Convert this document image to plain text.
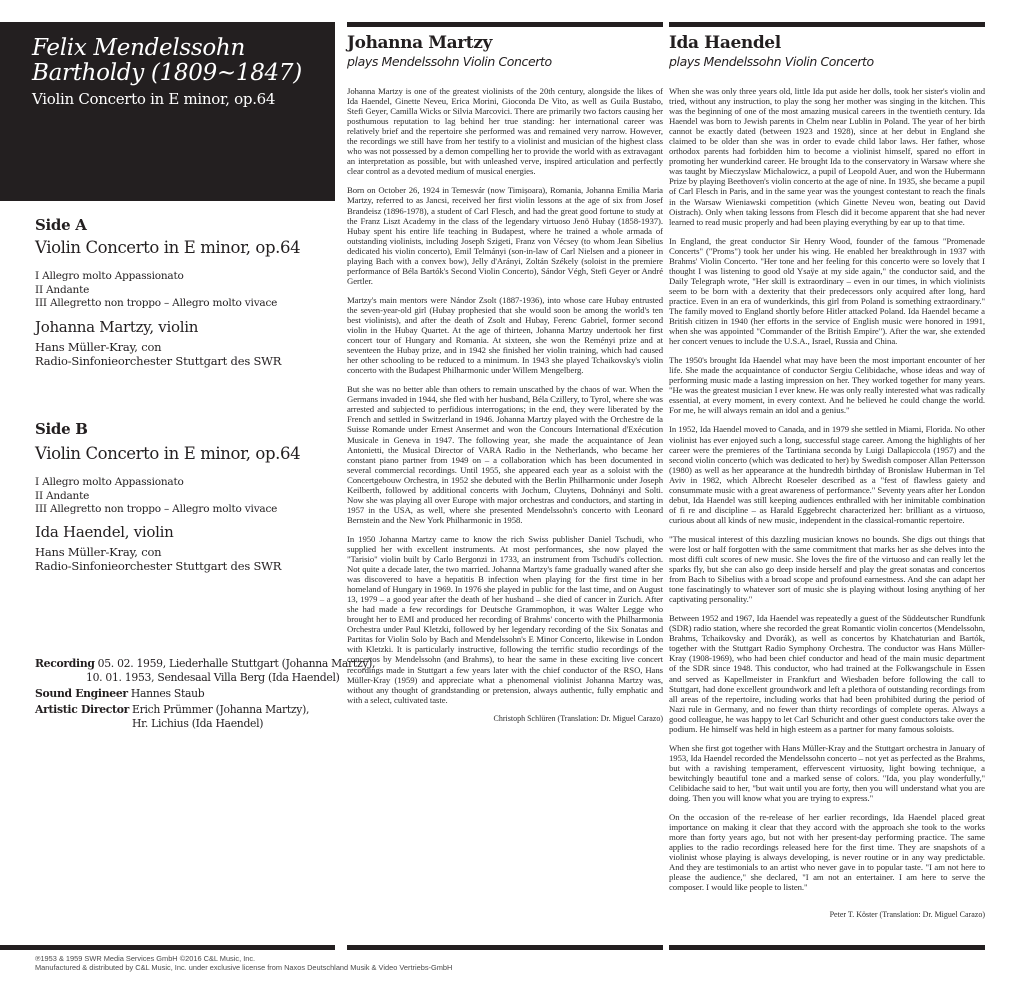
Felix Mendelssohn
Bartholdy (1809~1847)
Violin Concerto in E minor, op.64
Side A
Violin Concerto in E minor, op.64
I Allegro molto Appassionato
II Andante
III Allegretto non troppo – Allegro molto vivace
Johanna Martzy, violin
Hans Müller-Kray, con
Radio-Sinfonieorchester Stuttgart des SWR
Side B
Violin Concerto in E minor, op.64
I Allegro molto Appassionato
II Andante
III Allegretto non troppo – Allegro molto vivace
Ida Haendel, violin
Hans Müller-Kray, con
Radio-Sinfonieorchester Stuttgart des SWR
Recording 05. 02. 1959, Liederhalle Stuttgart (Johanna Martzy),
10. 01. 1953, Sendesaal Villa Berg (Ida Haendel)
Sound Engineer Hannes Staub
Artistic Director Erich Prümmer (Johanna Martzy),
Hr. Lichius (Ida Haendel)
Johanna Martzy
plays Mendelssohn Violin Concerto

Johanna Martzy is one of the greatest violinists of the 20th century, alongside the likes of Ida Haendel, Ginette Neveu, Erica Morini, Gioconda De Vito, as well as Guila Bustabo, Stefi Geyer, Camilla Wicks or Silvia Marcovici. There are primarily two factors causing her posthumous reputation to lag behind her true standing: her international career was relatively brief and the repertoire she performed was and remained very narrow. However, the recordings we still have from her testify to a violinist and musician of the highest class who was not possessed by a demon compelling her to provide the world with as extravagant an interpretation as possible, but with unleashed verve, inspired articulation and perfectly clear control as a devoted medium of musical energies.

Born on October 26, 1924 in Temesvár (now Timișoara), Romania, Johanna Emilia Maria Martzy, referred to as Jancsi, received her first violin lessons at the age of six from Josef Brandeisz (1896-1978), a student of Carl Flesch, and had the great good fortune to study at the Franz Liszt Academy in the class of the legendary virtuoso Jenö Hubay (1858-1937). Hubay spent his entire life teaching in Budapest, where he trained a whole armada of outstanding violinists, including Joseph Szigeti, Franz von Vécsey (to whom Jean Sibelius dedicated his violin concerto), Emil Telmányi (son-in-law of Carl Nielsen and a pioneer in playing Bach with a convex bow), Jelly d'Arányi, Zoltán Székely (soloist in the premiere performance of Béla Bartók's Second Violin Concerto), Sándor Végh, Stefi Geyer or André Gertler.

Martzy's main mentors were Nándor Zsolt (1887-1936), into whose care Hubay entrusted the seven-year-old girl (Hubay prophesied that she would soon be among the world's ten best violinists), and after the death of Zsolt and Hubay, Ferenc Gabriel, former second violin in the Hubay Quartet. At the age of thirteen, Johanna Martzy undertook her first concert tour of Hungary and Romania. At sixteen, she won the Reményi prize and at seventeen the Hubay prize, and in 1942 she finished her violin training, which had caused her other schooling to be reduced to a minimum. In 1943 she played Tchaikovsky's violin concerto with the Budapest Philharmonic under Willem Mengelberg.

But she was no better able than others to remain unscathed by the chaos of war. When the Germans invaded in 1944, she fled with her husband, Béla Czillery, to Tyrol, where she was arrested and subjected to perfidious interrogations; in the end, they were liberated by the French and settled in Switzerland in 1946. Johanna Martzy played with the Orchestre de la Suisse Romande under Ernest Ansermet and won the Concours International d'Exécution Musicale in Geneva in 1947. The following year, she made the acquaintance of Jean Antonietti, the Musical Director of VARA Radio in the Netherlands, who became her constant piano partner from 1949 on – a collaboration which has been documented in several commercial recordings. Until 1955, she appeared each year as a soloist with the Concertgebouw Orchestra, in 1952 she debuted with the Berlin Philharmonic under Joseph Keilberth, followed by additional concerts with Jochum, Cluytens, Dohnányi and Solti. Now she was playing all over Europe with major orchestras and conductors, and starting in 1957 in the USA, as well, where she presented Mendelssohn's concerto with Leonard Bernstein and the New York Philharmonic in 1958.

In 1950 Johanna Martzy came to know the rich Swiss publisher Daniel Tschudi, who supplied her with excellent instruments. At most performances, she now played the "Tarisio" violin built by Carlo Bergonzi in 1733, an instrument from Tschudi's collection. Not quite a decade later, the two married. Johanna Martzy's fame gradually waned after she was discovered to have a hepatitis B infection when playing for the first time in her homeland of Hungary in 1969. In 1976 she played in public for the last time, and on August 13, 1979 – a good year after the death of her husband – she died of cancer in Zurich. After she had made a few recordings for Deutsche Grammophon, it was Walter Legge who brought her to EMI and produced her recording of Brahms' concerto with the Philharmonia Orchestra under Paul Kletzki, followed by her legendary recording of the Six Sonatas and Partitas for Violin Solo by Bach and Mendelssohn's E Minor Concerto, likewise in London with Kletzki. It is particularly instructive, following the terrific studio recordings of the concertos by Mendelssohn (and Brahms), to hear the same in these exciting live concert recordings made in Stuttgart a few years later with the chief conductor of the RSO, Hans Müller-Kray (1959) and appreciate what a phenomenal violinist Johanna Martzy was, without any thought of grandstanding or pretension, always authentic, fully emphatic and with a select, cultivated taste.

Christoph Schlüren (Translation: Dr. Miguel Carazo)
Ida Haendel
plays Mendelssohn Violin Concerto

When she was only three years old, little Ida put aside her dolls, took her sister's violin and tried, without any instruction, to play the song her mother was singing in the kitchen. This was the beginning of one of the most amazing musical careers in the twentieth century. Ida Haendel was born to Jewish parents in Chelm near Lublin in Poland. The year of her birth cannot be exactly dated (between 1923 and 1928), since at her debut in England she claimed to be older than she was in order to evade child labor laws. Her father, whose orthodox parents had forbidden him to become a violinist himself, spared no effort in promoting her wunderkind career. He brought Ida to the conservatory in Warsaw where she was taught by Mieczyslaw Michalowicz, a pupil of Leopold Auer, and won the Hubermann Prize by playing Beethoven's violin concerto at the age of nine. In 1935, she became a pupil of Carl Flesch in Paris, and in the same year was the youngest contestant to reach the finals in the Warsaw Wieniawski competition (which Ginette Neveu won, beating out David Oistrach). Only when taking lessons from Flesch did it become apparent that she had never learned to read music properly and had been playing everything by ear up to that time.

In England, the great conductor Sir Henry Wood, founder of the famous "Promenade Concerts" ("Proms") took her under his wing. He enabled her breakthrough in 1937 with Brahms' Violin Concerto. "Her tone and her feeling for this concerto were so lovely that I thought I was listening to good old Ysaÿe at my side again," the conductor said, and the Daily Telegraph wrote, "Her skill is extraordinary – even in our times, in which violinists seem to be born with a dexterity that their predecessors only acquired after long, hard practice. Even in an era of wunderkinds, this girl from Poland is something extraordinary." The family moved to England shortly before Hitler attacked Poland. Ida Haendel became a British citizen in 1940 (her efforts in the service of English music were honored in 1991, when she was appointed "Commander of the British Empire"). After the war, she extended her concert venues to include the U.S.A., Israel, Russia and China.

The 1950's brought Ida Haendel what may have been the most important encounter of her life. She made the acquaintance of conductor Sergiu Celibidache, whose ideas and way of performing music made a lasting impression on her. They worked together for many years. "He was the greatest musician I ever knew. He was only really interested what was radically essential, at every moment, in every context. And he believed he could change the world. For me, he will always remain an idol and a genius."

In 1952, Ida Haendel moved to Canada, and in 1979 she settled in Miami, Florida. No other violinist has ever enjoyed such a long, successful stage career. Among the highlights of her career were the premieres of the Tartiniana seconda by Luigi Dallapiccola (1957) and the second violin concerto (which was dedicated to her) by Swedish composer Allan Pettersson (1980) as well as her appearance at the hundredth birthday of Bronislaw Huberman in Tel Aviv in 1982, which Albrecht Roeseler described as a "fest of flawless gaiety and consummate music with a great awareness of performance." Seventy years after her London debut, Ida Haendel was still keeping audiences enthralled with her inimitable combination of fi re and discipline – as Harald Eggebrecht characterized her: brilliant as a virtuoso, curious about all kinds of new music, independent in the classical-romantic repertoire.

"The musical interest of this dazzling musician knows no bounds. She digs out things that were lost or half forgotten with the same commitment that marks her as she delves into the most diffi cult scores of new music. She loves the fire of the virtuoso and can really let the sparks fly, but she can also go deep inside herself and play the great sonatas and concertos from Bach to Sibelius with a broad scope and profound earnestness. And she can adapt her tone fascinatingly to whatever sort of music she is playing without losing anything of her captivating personality."

Between 1952 and 1967, Ida Haendel was repeatedly a guest of the Süddeutscher Rundfunk (SDR) radio station, where she recorded the great Romantic violin concertos (Mendelssohn, Brahms, Tchaikovsky and Dvorák), as well as concertos by Khatchaturian and Bartók, together with the Stuttgart Radio Symphony Orchestra. The conductor was Hans Müller-Kray (1908-1969), who had been chief conductor and head of the main music department of the SDR since 1948. This conductor, who had trained at the Folkwangschule in Essen and served as Kapellmeister in Frankfurt and Wiesbaden before following the call to Stuttgart, had done excellent groundwork and left a plethora of outstanding recordings from all areas of the repertoire, including works that had been prohibited during the period of Nazi rule in Germany, and no fewer than thirty recordings of complete operas. Always a good colleague, he was happy to let Carl Schuricht and other guest conductors take over the podium. He himself was held in high esteem as a partner for many famous soloists.

When she first got together with Hans Müller-Kray and the Stuttgart orchestra in January of 1953, Ida Haendel recorded the Mendelssohn concerto – not yet as perfected as the Brahms, but with a ravishing temperament, effervescent virtuosity, light bowing technique, a bewitchingly beautiful tone and a marked sense of colors. "Ida, you play wonderfully," Celibidache said to her, "but wait until you are forty, then you will understand what you are doing. Then you will know what you are trying to express."

On the occasion of the re-release of her earlier recordings, Ida Haendel placed great importance on making it clear that they accord with the approach she took to the works more than forty years ago, but not with her present-day performing practice. The same applies to the radio recordings released here for the first time. They are snapshots of a violinist whose playing is always developing, is never routine or in any way predictable. And they are testimonials to an artist who never gave in to popular taste. "I am not here to please the audience," she declared, "I am not an entertainer. I am here to serve the composer. I would like people to listen."

Peter T. Köster (Translation: Dr. Miguel Carazo)
℗1953 & 1959 SWR Media Services GmbH ©2016 C&L Music, Inc.
Manufactured & distributed by C&L Music, Inc. under exclusive license from Naxos Deutschland Musik & Video Vertriebs-GmbH
